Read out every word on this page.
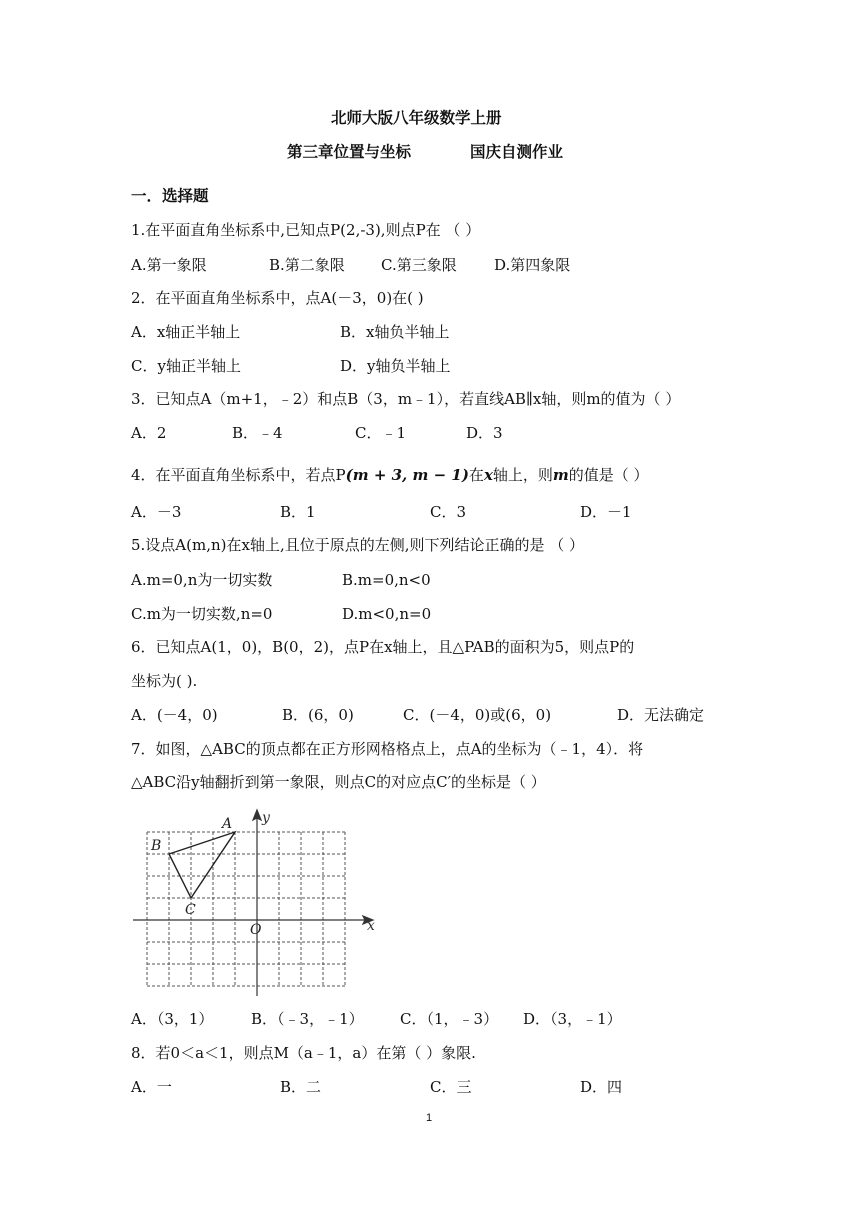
北师大版八年级数学上册
第三章位置与坐标	国庆自测作业
一．选择题
1.在平面直角坐标系中,已知点P(2,-3),则点P在 （ ）
A.第一象限	B.第二象限 C.第三象限 D.第四象限
2．在平面直角坐标系中，点A(－3，0)在( )
A．x轴正半轴上	B．x轴负半轴上
C．y轴正半轴上	D．y轴负半轴上
3．已知点A（m+1，﹣2）和点B（3，m﹣1），若直线AB∥x轴，则m的值为（ ）
A．2	B．﹣4	C．﹣1	D．3
4．在平面直角坐标系中，若点P(m + 3, m − 1)在x轴上，则m的值是（ ）
A．－3	B．1	C．3	D．－1
5.设点A(m,n)在x轴上,且位于原点的左侧,则下列结论正确的是 （ ）
A.m=0,n为一切实数	B.m=0,n<0
C.m为一切实数,n=0	D.m<0,n=0
6．已知点A(1，0)，B(0，2)，点P在x轴上，且△PAB的面积为5，则点P的
坐标为( ).
A．(－4，0)	B．(6，0)	C．(－4，0)或(6，0)	D．无法确定
7．如图，△ABC的顶点都在正方形网格格点上，点A的坐标为（﹣1，4）．将
△ABC沿y轴翻折到第一象限，则点C的对应点C′的坐标是（ ）
x
y
A
B
C
O
A．（3，1）	B．（﹣3，﹣1） C．（1，﹣3） D．（3，﹣1）
8．若0＜a＜1，则点M（a﹣1，a）在第（ ）象限.
A．一	B．二	C．三	D．四
1
